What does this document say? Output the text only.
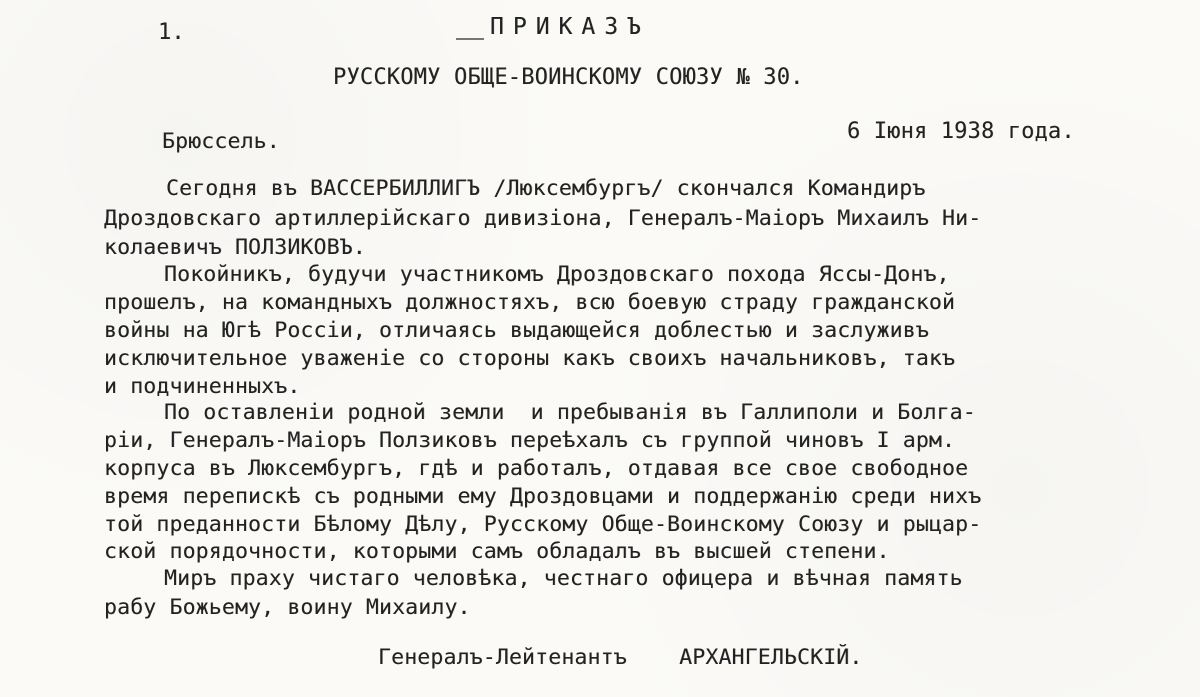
1.	ПРИКАЗЪ
РУССКОМУ ОБЩЕ-ВОИНСКОМУ СОЮЗУ № 30.
Брюссель.	6 Іюня 1938 года.
Сегодня въ ВАССЕРБИЛЛИГЪ /Люксембургъ/ скончался Командиръ
Дроздовскаго артиллерійскаго дивизіона, Генералъ-Маіоръ Михаилъ Ни-
колаевичъ ПОЛЗИКОВЪ.
Покойникъ, будучи участникомъ Дроздовскаго похода Яссы-Донъ,
прошелъ, на командныхъ должностяхъ, всю боевую страду гражданской
войны на Югѣ Россіи, отличаясь выдающейся доблестью и заслуживъ
исключительное уваженіе со стороны какъ своихъ начальниковъ, такъ
и подчиненныхъ.
По оставленіи родной земли  и пребыванія въ Галлиполи и Болга-
ріи, Генералъ-Маіоръ Ползиковъ переѣхалъ съ группой чиновъ I арм.
корпуса въ Люксембургъ, гдѣ и работалъ, отдавая все свое свободное
время перепискѣ съ родными ему Дроздовцами и поддержанію среди нихъ
той преданности Бѣлому Дѣлу, Русскому Обще-Воинскому Союзу и рыцар-
ской порядочности, которыми самъ обладалъ въ высшей степени.
Миръ праху чистаго человѣка, честнаго офицера и вѣчная память
рабу Божьему, воину Михаилу.
Генералъ-Лейтенантъ    АРХАНГЕЛЬСКІЙ.
